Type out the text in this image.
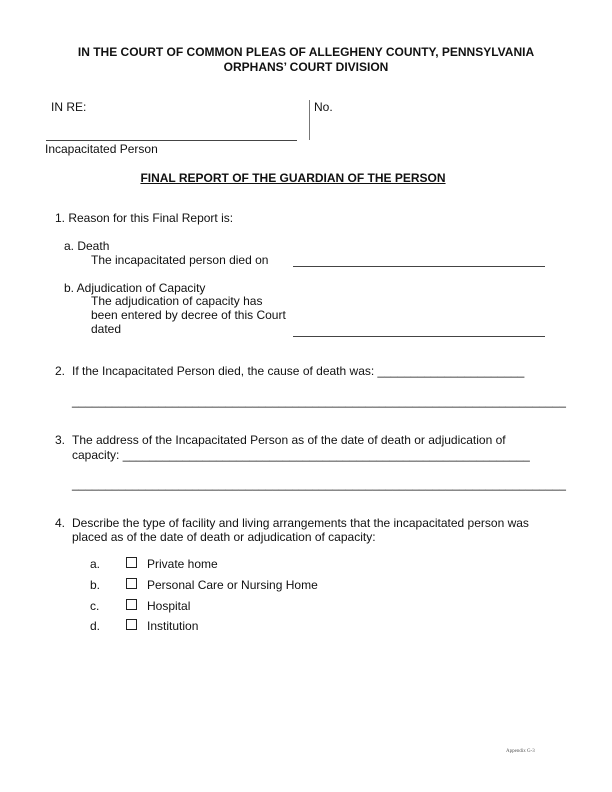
IN THE COURT OF COMMON PLEAS OF ALLEGHENY COUNTY, PENNSYLVANIA
ORPHANS’ COURT DIVISION
IN RE:	No.
Incapacitated Person
FINAL REPORT OF THE GUARDIAN OF THE PERSON
1. Reason for this Final Report is:
a. Death
The incapacitated person died on
b. Adjudication of Capacity
The adjudication of capacity has
been entered by decree of this Court
dated
2. If the Incapacitated Person died, the cause of death was: ______________________
__________________________________________________________________________
3. The address of the Incapacitated Person as of the date of death or adjudication of
capacity: _____________________________________________________________
__________________________________________________________________________
4. Describe the type of facility and living arrangements that the incapacitated person was
placed as of the date of death or adjudication of capacity:
a.	Private home
b.	Personal Care or Nursing Home
c.	Hospital
d.	Institution
Appendix G-3
